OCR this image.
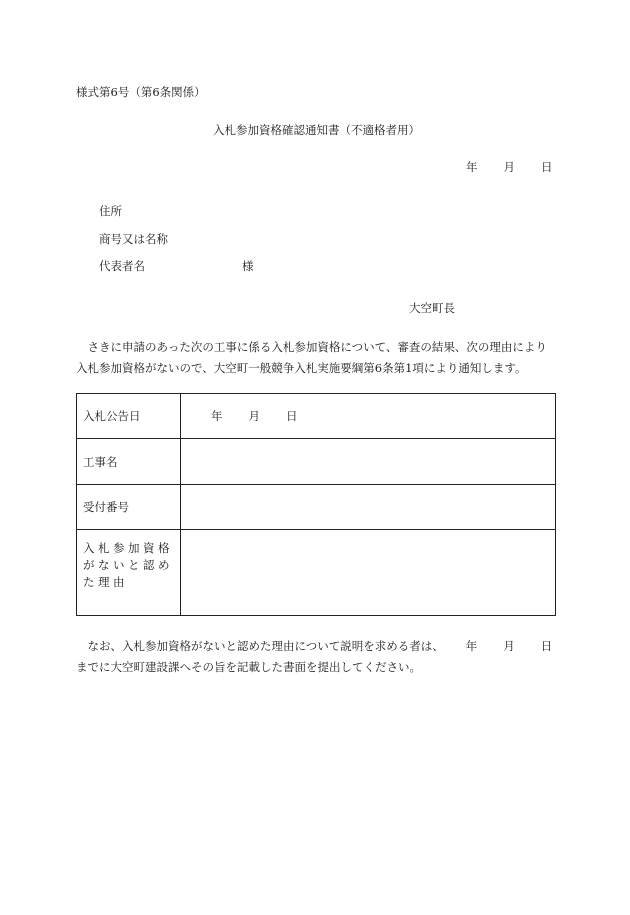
様式第6号（第6条関係）
入札参加資格確認通知書（不適格者用）
年 月 日
住所
商号又は名称
代表者名	様
大空町長
さきに申請のあった次の工事に係る入札参加資格について、審査の結果、次の理由により入札参加資格がないので、大空町一般競争入札実施要綱第6条第1項により通知します。
入札公告日	年 月 日
工事名
受付番号
入札参加資格がないと認めた理由
なお、入札参加資格がないと認めた理由について説明を求める者は、 年 月 日までに大空町建設課へその旨を記載した書面を提出してください。
